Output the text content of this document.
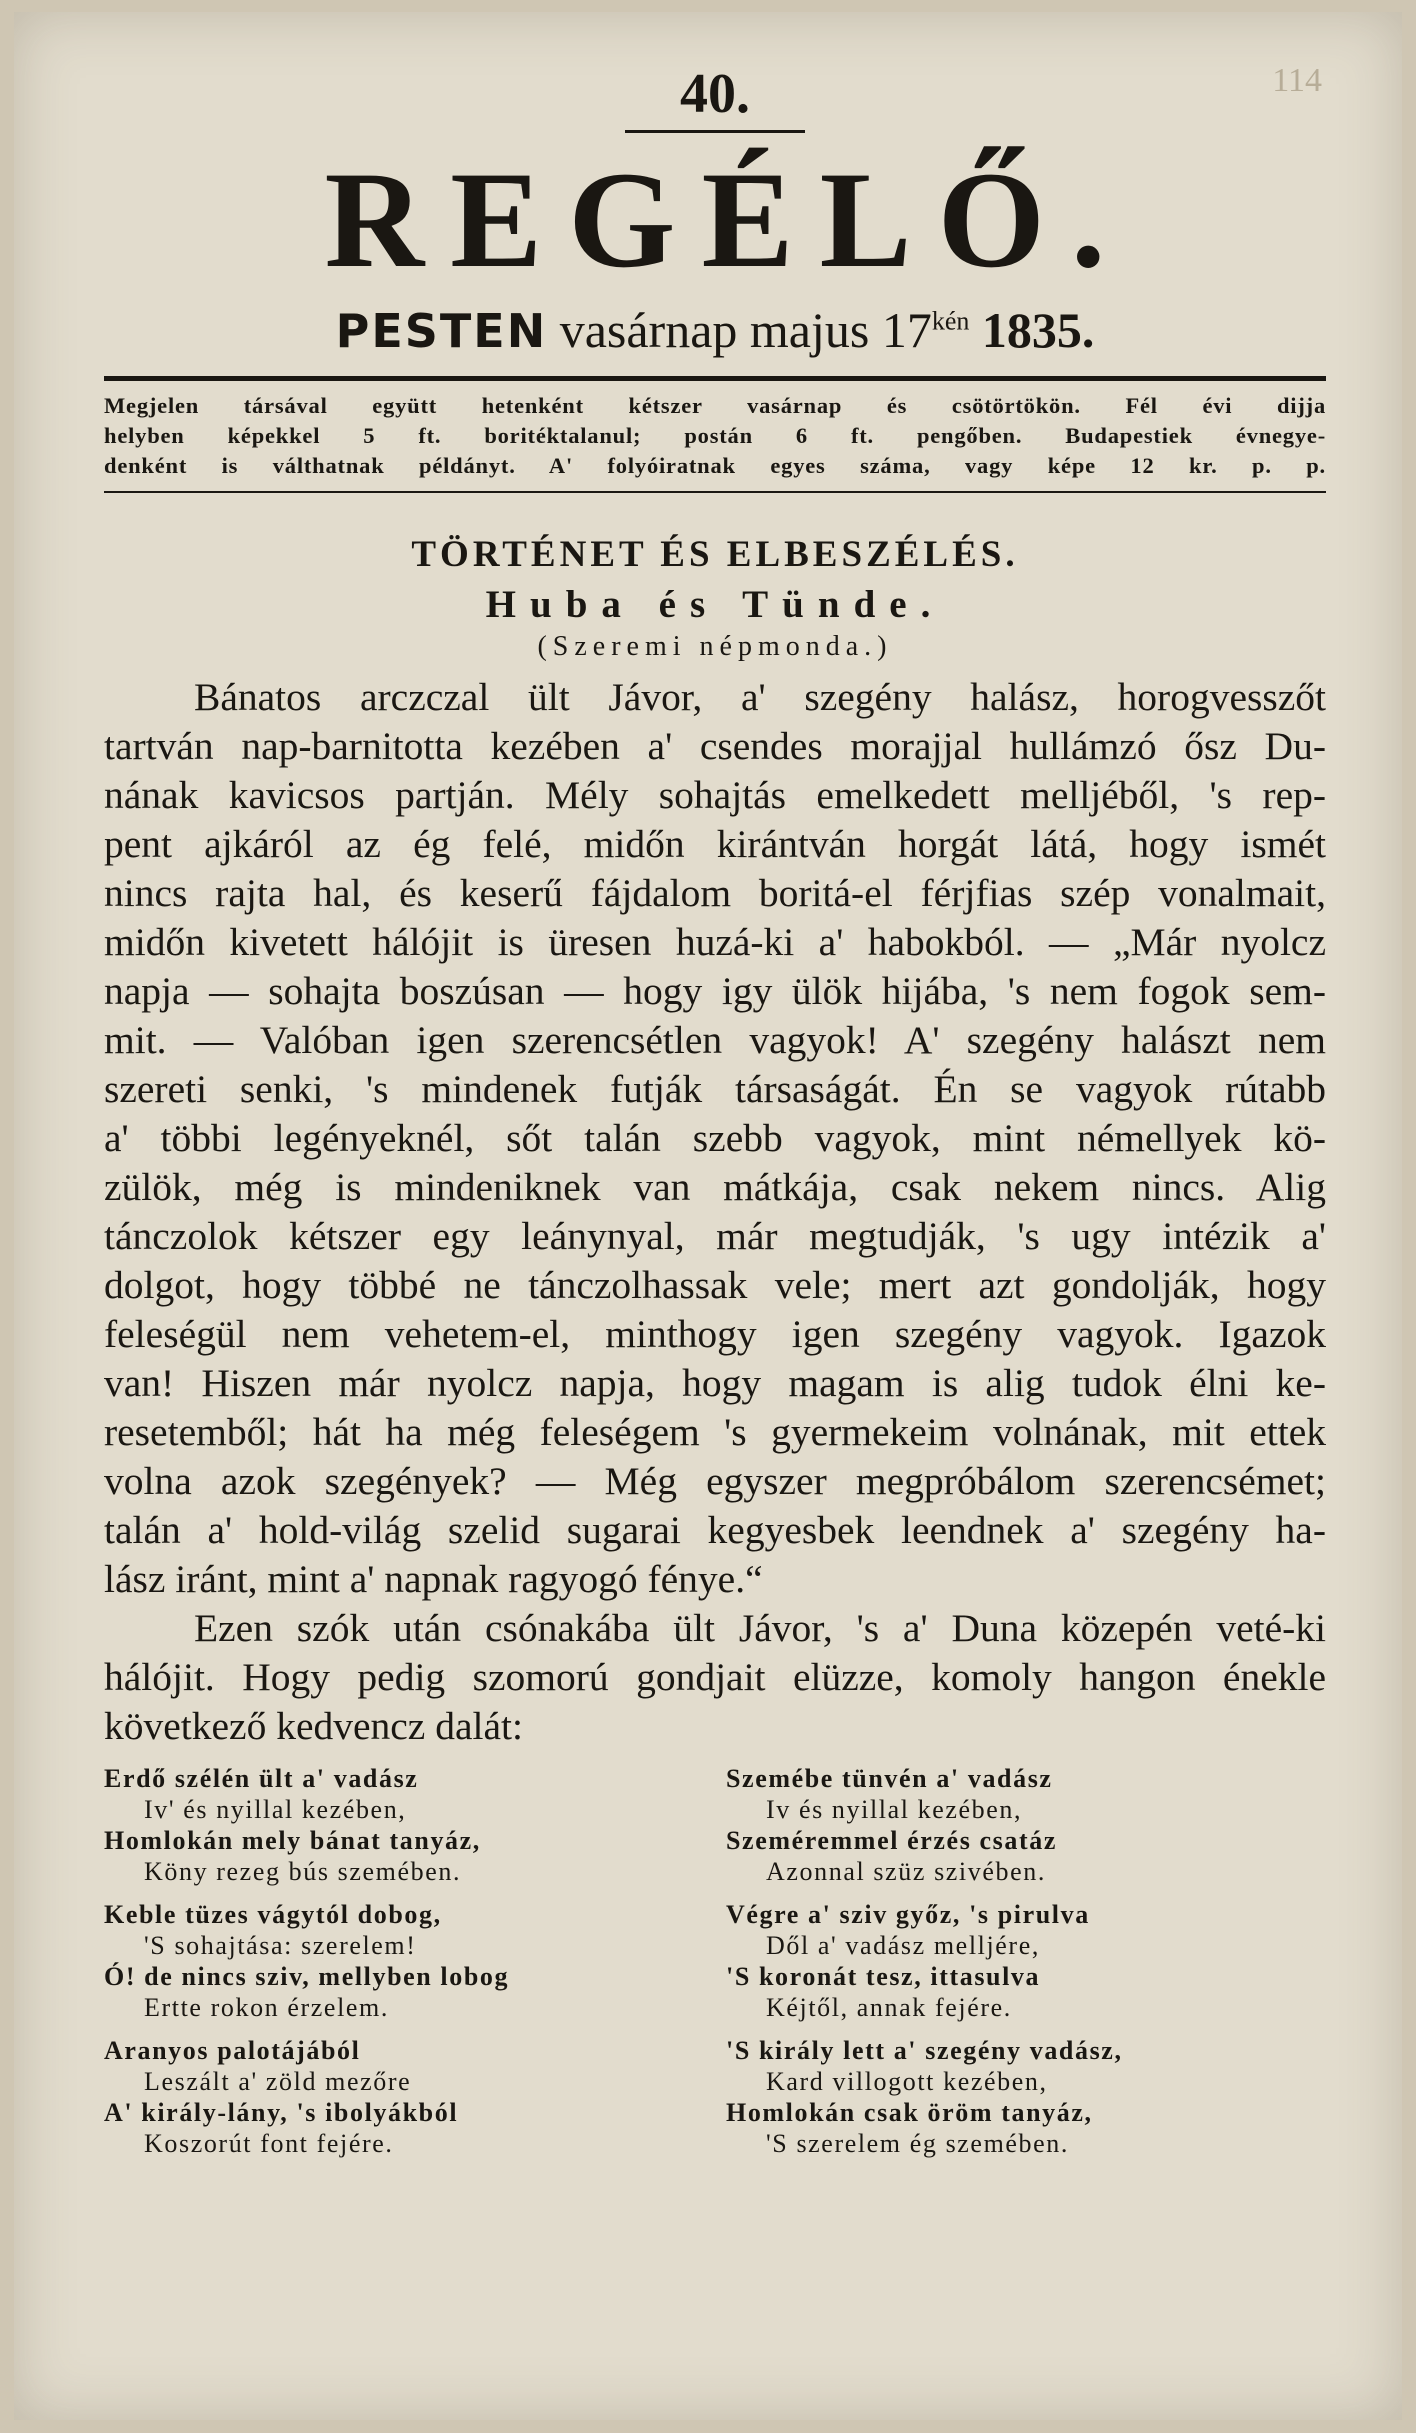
114
40.
REGÉLŐ.
PESTEN vasárnap majus $17^{kén}$ 1835.
Megjelen társával együtt hetenként kétszer vasárnap és csötörtökön. Fél évi dijja
helyben képekkel 5 ft. boritéktalanul; postán 6 ft. pengőben. Budapestiek évnegye-
denként is válthatnak példányt. A' folyóiratnak egyes száma, vagy képe 12 kr. p. p.
TÖRTÉNET ÉS ELBESZÉLÉS.
Huba és Tünde.
(Szeremi népmonda.)
Bánatos arczczal ült Jávor, a' szegény halász, horogvesszőt
tartván nap-barnitotta kezében a' csendes morajjal hullámzó ősz Du-
nának kavicsos partján. Mély sohajtás emelkedett melljéből, 's rep-
pent ajkáról az ég felé, midőn kirántván horgát látá, hogy ismét
nincs rajta hal, és keserű fájdalom boritá-el férjfias szép vonalmait,
midőn kivetett hálójit is üresen huzá-ki a' habokból. — „Már nyolcz
napja — sohajta boszúsan — hogy igy ülök hijába, 's nem fogok sem-
mit. — Valóban igen szerencsétlen vagyok! A' szegény halászt nem
szereti senki, 's mindenek futják társaságát. Én se vagyok rútabb
a' többi legényeknél, sőt talán szebb vagyok, mint némellyek kö-
zülök, még is mindeniknek van mátkája, csak nekem nincs. Alig
tánczolok kétszer egy leánynyal, már megtudják, 's ugy intézik a'
dolgot, hogy többé ne tánczolhassak vele; mert azt gondolják, hogy
feleségül nem vehetem-el, minthogy igen szegény vagyok. Igazok
van! Hiszen már nyolcz napja, hogy magam is alig tudok élni ke-
resetemből; hát ha még feleségem 's gyermekeim volnának, mit ettek
volna azok szegények? — Még egyszer megpróbálom szerencsémet;
talán a' hold-világ szelid sugarai kegyesbek leendnek a' szegény ha-
lász iránt, mint a' napnak ragyogó fénye.“
Ezen szók után csónakába ült Jávor, 's a' Duna közepén veté-ki
hálójit. Hogy pedig szomorú gondjait elüzze, komoly hangon énekle
következő kedvencz dalát:
Erdő szélén ült a' vadász
Iv' és nyillal kezében,
Homlokán mely bánat tanyáz,
Köny rezeg bús szemében.
Keble tüzes vágytól dobog,
'S sohajtása: szerelem!
Ó! de nincs sziv, mellyben lobog
Ertte rokon érzelem.
Aranyos palotájából
Leszált a' zöld mezőre
A' király-lány, 's ibolyákból
Koszorút font fejére.
Szemébe tünvén a' vadász
Iv és nyillal kezében,
Szeméremmel érzés csatáz
Azonnal szüz szivében.
Végre a' sziv győz, 's pirulva
Dől a' vadász melljére,
'S koronát tesz, ittasulva
Kéjtől, annak fejére.
'S király lett a' szegény vadász,
Kard villogott kezében,
Homlokán csak öröm tanyáz,
'S szerelem ég szemében.
